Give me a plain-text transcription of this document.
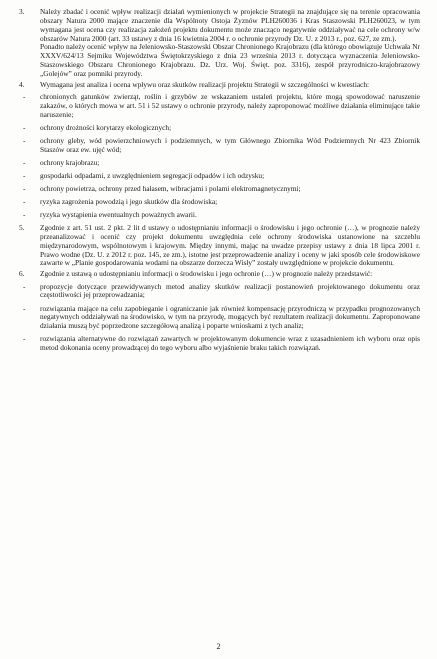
3. Należy zbadać i ocenić wpływ realizacji działań wymienionych w projekcie Strategii na znajdujące się na terenie opracowania obszary Natura 2000 mające znaczenie dla Wspólnoty Ostoja Żyznów PLH260036 i Kras Staszowski PLH260023, w tym wymagana jest ocena czy realizacja założeń projektu dokumentu może znacząco negatywnie oddziaływać na cele ochrony w/w obszarów Natura 2000 (art. 33 ustawy z dnia 16 kwietnia 2004 r. o ochronie przyrody Dz. U. z 2013 r., poz. 627, ze zm.).

Ponadto należy ocenić wpływ na Jeleniowsko-Staszowski Obszar Chronionego Krajobrazu (dla którego obowiązuje Uchwała Nr XXXV/624/13 Sejmiku Województwa Świętokrzyskiego z dnia 23 września 2013 r. dotycząca wyznaczenia Jeleniowsko-Staszowskiego Obszaru Chronionego Krajobrazu. Dz. Urz. Woj. Święt. poz. 3316), zespół przyrodniczo-krajobrazowy „Golejów” oraz pomniki przyrody.

4. Wymagana jest analiza i ocena wpływu oraz skutków realizacji projektu Strategii w szczególności w kwestiach:

- chronionych gatunków zwierząt, roślin i grzybów ze wskazaniem ustaleń projektu, które mogą spowodować naruszenie zakazów, o których mowa w art. 51 i 52 ustawy o ochronie przyrody, należy zaproponować możliwe działania eliminujące takie naruszenie;
- ochrony drożności korytarzy ekologicznych;
- ochrony gleby, wód powierzchniowych i podziemnych, w tym Głównego Zbiornika Wód Podziemnych Nr 423 Zbiornik Staszów oraz ew. ujęć wód;
- ochrony krajobrazu;
- gospodarki odpadami, z uwzględnieniem segregacji odpadów i ich odzysku;
- ochrony powietrza, ochrony przed hałasem, wibracjami i polami elektromagnetycznymi;
- ryzyka zagrożenia powodzią i jego skutków dla środowiska;
- ryzyka wystąpienia ewentualnych poważnych awarii.
5. Zgodnie z art. 51 ust. 2 pkt. 2 lit d ustawy o udostępnianiu informacji o środowisku i jego ochronie (…), w prognozie należy przeanalizować i ocenić czy projekt dokumentu uwzględnia cele ochrony środowiska ustanowione na szczeblu międzynarodowym, wspólnotowym i krajowym. Między innymi, mając na uwadze przepisy ustawy z dnia 18 lipca 2001 r. Prawo wodne (Dz. U. z 2012 r. poz. 145, ze zm.), istotne jest przeprowadzenie analizy i oceny w jaki sposób cele środowiskowe zawarte w „Planie gospodarowania wodami na obszarze dorzecza Wisły” zostały uwzględnione w projekcie dokumentu.

6. Zgodnie z ustawą o udostępnianiu informacji o środowisku i jego ochronie (…) w prognozie należy przedstawić:

- propozycje dotyczące przewidywanych metod analizy skutków realizacji postanowień projektowanego dokumentu oraz częstotliwości jej przeprowadzania;
- rozwiązania mające na celu zapobieganie i ograniczanie jak również kompensację przyrodniczą w przypadku prognozowanych negatywnych oddziaływań na środowisko, w tym na przyrodę, mogących być rezultatem realizacji dokumentu. Zaproponowane działania muszą być poprzedzone szczegółową analizą i poparte wnioskami z tych analiz;
- rozwiązania alternatywne do rozwiązań zawartych w projektowanym dokumencie wraz z uzasadnieniem ich wyboru oraz opis metod dokonania oceny prowadzącej do tego wyboru albo wyjaśnienie braku takich rozwiązań.
2
